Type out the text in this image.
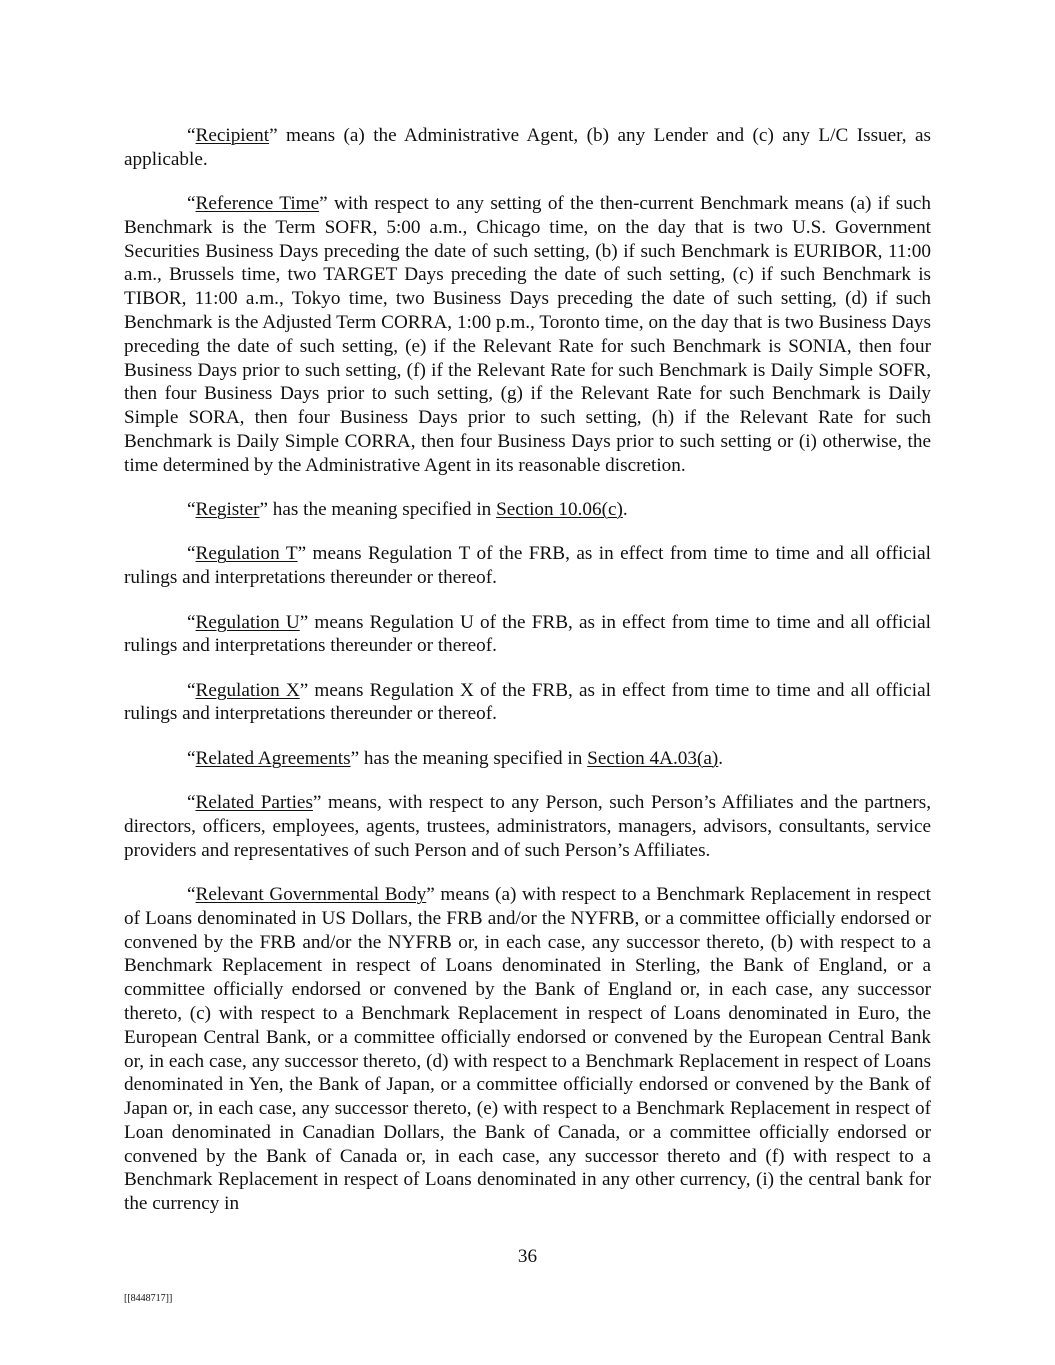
“Recipient” means (a) the Administrative Agent, (b) any Lender and (c) any L/C Issuer, as applicable.

“Reference Time” with respect to any setting of the then-current Benchmark means (a) if such Benchmark is the Term SOFR, 5:00 a.m., Chicago time, on the day that is two U.S. Government Securities Business Days preceding the date of such setting, (b) if such Benchmark is EURIBOR, 11:00 a.m., Brussels time, two TARGET Days preceding the date of such setting, (c) if such Benchmark is TIBOR, 11:00 a.m., Tokyo time, two Business Days preceding the date of such setting, (d) if such Benchmark is the Adjusted Term CORRA, 1:00 p.m., Toronto time, on the day that is two Business Days preceding the date of such setting, (e) if the Relevant Rate for such Benchmark is SONIA, then four Business Days prior to such setting, (f) if the Relevant Rate for such Benchmark is Daily Simple SOFR, then four Business Days prior to such setting, (g) if the Relevant Rate for such Benchmark is Daily Simple SORA, then four Business Days prior to such setting, (h) if the Relevant Rate for such Benchmark is Daily Simple CORRA, then four Business Days prior to such setting or (i) otherwise, the time determined by the Administrative Agent in its reasonable discretion.

“Register” has the meaning specified in Section 10.06(c).

“Regulation T” means Regulation T of the FRB, as in effect from time to time and all official rulings and interpretations thereunder or thereof.

“Regulation U” means Regulation U of the FRB, as in effect from time to time and all official rulings and interpretations thereunder or thereof.

“Regulation X” means Regulation X of the FRB, as in effect from time to time and all official rulings and interpretations thereunder or thereof.

“Related Agreements” has the meaning specified in Section 4A.03(a).

“Related Parties” means, with respect to any Person, such Person’s Affiliates and the partners, directors, officers, employees, agents, trustees, administrators, managers, advisors, consultants, service providers and representatives of such Person and of such Person’s Affiliates.

“Relevant Governmental Body” means (a) with respect to a Benchmark Replacement in respect of Loans denominated in US Dollars, the FRB and/or the NYFRB, or a committee officially endorsed or convened by the FRB and/or the NYFRB or, in each case, any successor thereto, (b) with respect to a Benchmark Replacement in respect of Loans denominated in Sterling, the Bank of England, or a committee officially endorsed or convened by the Bank of England or, in each case, any successor thereto, (c) with respect to a Benchmark Replacement in respect of Loans denominated in Euro, the European Central Bank, or a committee officially endorsed or convened by the European Central Bank or, in each case, any successor thereto, (d) with respect to a Benchmark Replacement in respect of Loans denominated in Yen, the Bank of Japan, or a committee officially endorsed or convened by the Bank of Japan or, in each case, any successor thereto, (e) with respect to a Benchmark Replacement in respect of Loan denominated in Canadian Dollars, the Bank of Canada, or a committee officially endorsed or convened by the Bank of Canada or, in each case, any successor thereto and (f) with respect to a Benchmark Replacement in respect of Loans denominated in any other currency, (i) the central bank for the currency in

36
[[8448717]]
